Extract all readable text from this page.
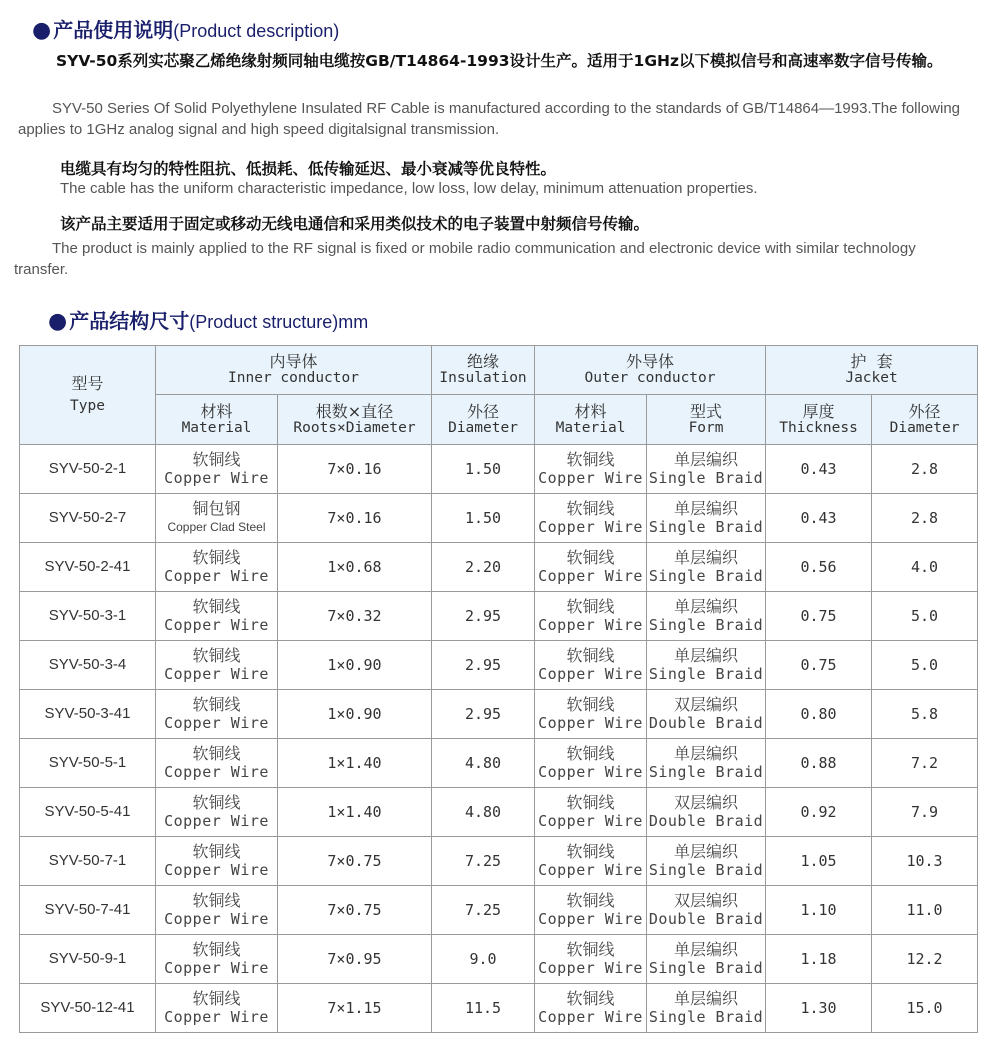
● 产品使用说明 (Product description)
SYV-50系列实芯聚乙烯绝缘射频同轴电缆按GB/T14864-1993设计生产。适用于1GHz以下模拟信号和高速率数字信号传输。
SYV-50 Series Of Solid Polyethylene Insulated RF Cable is manufactured according to the standards of GB/T14864—1993.The following applies to 1GHz analog signal and high speed digitalsignal transmission.
电缆具有均匀的特性阻抗、低损耗、低传输延迟、最小衰减等优良特性。
The cable has the uniform characteristic impedance, low loss, low delay, minimum attenuation properties.
该产品主要适用于固定或移动无线电通信和采用类似技术的电子装置中射频信号传输。
The product is mainly applied to the RF signal is fixed or mobile radio communication and electronic device with similar technology transfer.
● 产品结构尺寸 (Product structure)mm
型号
Type	内导体
Inner conductor		绝缘
Insulation	外导体
Outer conductor		护  套
Jacket	

	材料
Material	根数×直径
Roots×Diameter	外径
Diameter	材料
Material	型式
Form	厚度
Thickness	外径
Diameter

SYV-50-2-1	软铜线
Copper Wire	7×0.16	1.50	软铜线
Copper Wire	单层编织
Single Braid	0.43	2.8
SYV-50-2-7	铜包钢
Copper Clad Steel	7×0.16	1.50	软铜线
Copper Wire	单层编织
Single Braid	0.43	2.8
SYV-50-2-41	软铜线
Copper Wire	1×0.68	2.20	软铜线
Copper Wire	单层编织
Single Braid	0.56	4.0
SYV-50-3-1	软铜线
Copper Wire	7×0.32	2.95	软铜线
Copper Wire	单层编织
Single Braid	0.75	5.0
SYV-50-3-4	软铜线
Copper Wire	1×0.90	2.95	软铜线
Copper Wire	单层编织
Single Braid	0.75	5.0
SYV-50-3-41	软铜线
Copper Wire	1×0.90	2.95	软铜线
Copper Wire	双层编织
Double Braid	0.80	5.8
SYV-50-5-1	软铜线
Copper Wire	1×1.40	4.80	软铜线
Copper Wire	单层编织
Single Braid	0.88	7.2
SYV-50-5-41	软铜线
Copper Wire	1×1.40	4.80	软铜线
Copper Wire	双层编织
Double Braid	0.92	7.9
SYV-50-7-1	软铜线
Copper Wire	7×0.75	7.25	软铜线
Copper Wire	单层编织
Single Braid	1.05	10.3
SYV-50-7-41	软铜线
Copper Wire	7×0.75	7.25	软铜线
Copper Wire	双层编织
Double Braid	1.10	11.0
SYV-50-9-1	软铜线
Copper Wire	7×0.95	9.0	软铜线
Copper Wire	单层编织
Single Braid	1.18	12.2
SYV-50-12-41	软铜线
Copper Wire	7×1.15	11.5	软铜线
Copper Wire	单层编织
Single Braid	1.30	15.0
